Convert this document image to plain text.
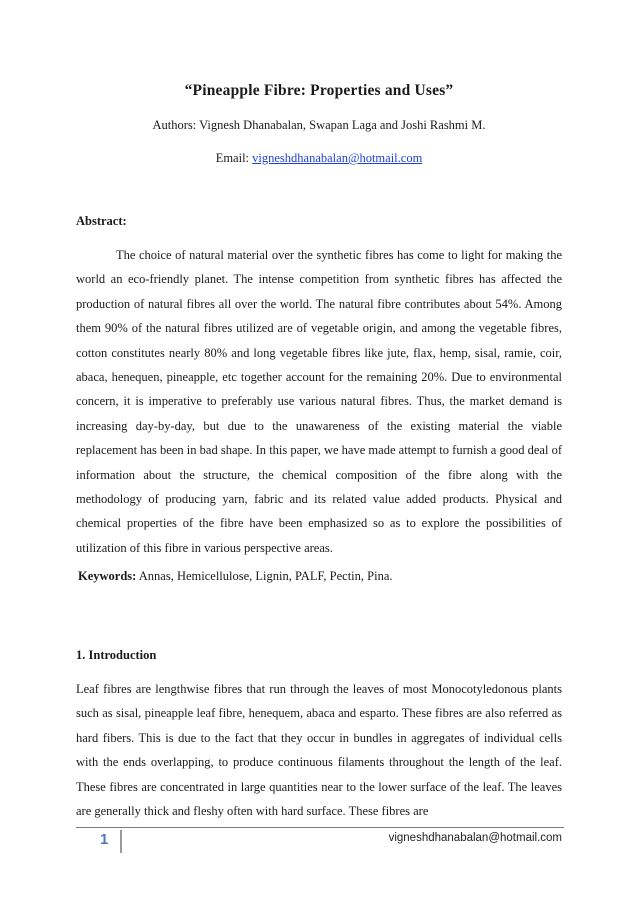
“Pineapple Fibre: Properties and Uses”
Authors: Vignesh Dhanabalan, Swapan Laga and Joshi Rashmi M.
Email: vigneshdhanabalan@hotmail.com
Abstract:
The choice of natural material over the synthetic fibres has come to light for making the world an eco-friendly planet. The intense competition from synthetic fibres has affected the production of natural fibres all over the world. The natural fibre contributes about 54%. Among them 90% of the natural fibres utilized are of vegetable origin, and among the vegetable fibres, cotton constitutes nearly 80% and long vegetable fibres like jute, flax, hemp, sisal, ramie, coir, abaca, henequen, pineapple, etc together account for the remaining 20%. Due to environmental concern, it is imperative to preferably use various natural fibres. Thus, the market demand is increasing day-by-day, but due to the unawareness of the existing material the viable replacement has been in bad shape. In this paper, we have made attempt to furnish a good deal of information about the structure, the chemical composition of the fibre along with the methodology of producing yarn, fabric and its related value added products. Physical and chemical properties of the fibre have been emphasized so as to explore the possibilities of utilization of this fibre in various perspective areas.
Keywords: Annas, Hemicellulose, Lignin, PALF, Pectin, Pina.
1. Introduction
Leaf fibres are lengthwise fibres that run through the leaves of most Monocotyledonous plants such as sisal, pineapple leaf fibre, henequem, abaca and esparto. These fibres are also referred as hard fibers. This is due to the fact that they occur in bundles in aggregates of individual cells with the ends overlapping, to produce continuous filaments throughout the length of the leaf. These fibres are concentrated in large quantities near to the lower surface of the leaf. The leaves are generally thick and fleshy often with hard surface. These fibres are
1	vigneshdhanabalan@hotmail.com
